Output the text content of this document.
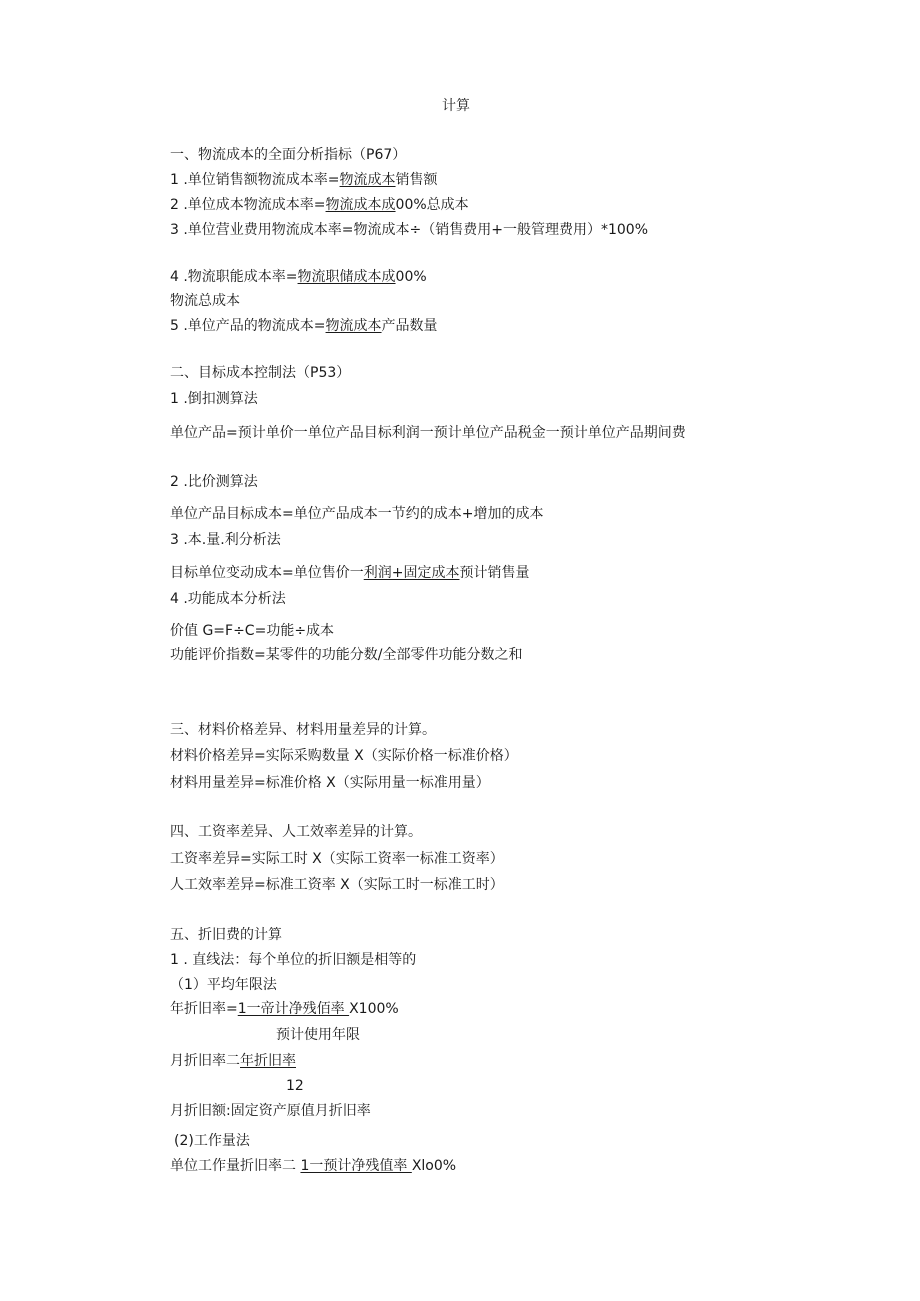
计算
一、物流成本的全面分析指标（P67）
1 .单位销售额物流成本率=物流成本销售额
2 .单位成本物流成本率=物流成本成00%总成本
3 .单位营业费用物流成本率=物流成本÷（销售费用+一般管理费用）*100%
4 .物流职能成本率=物流职储成本成00%
物流总成本
5 .单位产品的物流成本=物流成本产品数量
二、目标成本控制法（P53）
1 .倒扣测算法
单位产品=预计单价一单位产品目标利润一预计单位产品税金一预计单位产品期间费
2 .比价测算法
单位产品目标成本=单位产品成本一节约的成本+增加的成本
3 .本.量.利分析法
目标单位变动成本=单位售价一利润+固定成本预计销售量
4 .功能成本分析法
价值 G=F÷C=功能÷成本
功能评价指数=某零件的功能分数/全部零件功能分数之和
三、材料价格差异、材料用量差异的计算。
材料价格差异=实际采购数量 X（实际价格一标准价格）
材料用量差异=标准价格 X（实际用量一标准用量）
四、工资率差异、人工效率差异的计算。
工资率差异=实际工时 X（实际工资率一标准工资率）
人工效率差异=标准工资率 X（实际工时一标准工时）
五、折旧费的计算
1 . 直线法：每个单位的折旧额是相等的
（1）平均年限法
年折旧率=1一帝计净残佰率 X100%
预计使用年限
月折旧率二年折旧率
12
月折旧额:固定资产原值月折旧率
(2)工作量法
单位工作量折旧率二 1一预计净残值率 Xlo0%
